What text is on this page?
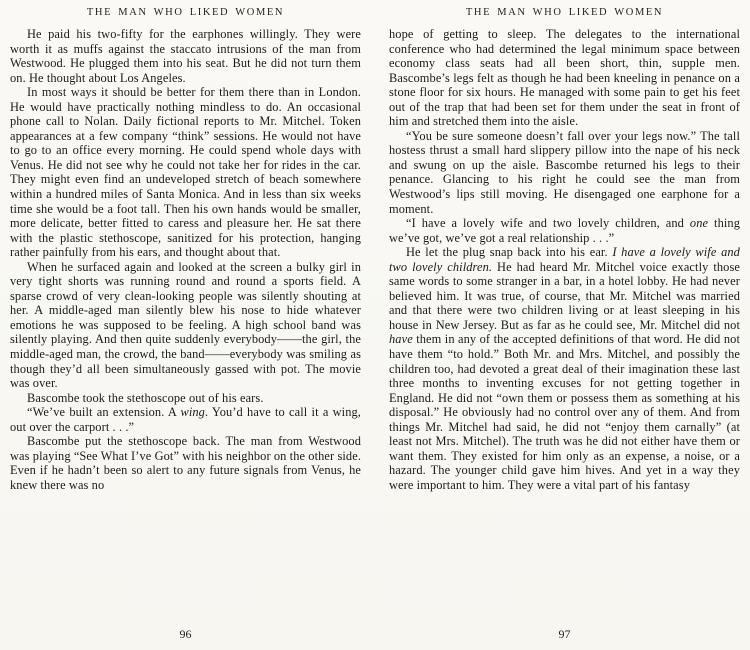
THE MAN WHO LIKED WOMEN

He paid his two-fifty for the earphones willingly. They were worth it as muffs against the staccato intrusions of the man from Westwood. He plugged them into his seat. But he did not turn them on. He thought about Los Angeles.

In most ways it should be better for them there than in London. He would have practically nothing mindless to do. An occasional phone call to Nolan. Daily fictional reports to Mr. Mitchel. Token appearances at a few company “think” sessions. He would not have to go to an office every morning. He could spend whole days with Venus. He did not see why he could not take her for rides in the car. They might even find an undeveloped stretch of beach somewhere within a hundred miles of Santa Monica. And in less than six weeks time she would be a foot tall. Then his own hands would be smaller, more delicate, better fitted to caress and pleasure her. He sat there with the plastic stethoscope, sanitized for his protection, hanging rather painfully from his ears, and thought about that.

When he surfaced again and looked at the screen a bulky girl in very tight shorts was running round and round a sports field. A sparse crowd of very clean-looking people was silently shouting at her. A middle-aged man silently blew his nose to hide whatever emotions he was supposed to be feeling. A high school band was silently playing. And then quite suddenly everybody——the girl, the middle-aged man, the crowd, the band——everybody was smiling as though they’d all been simultaneously gassed with pot. The movie was over.

Bascombe took the stethoscope out of his ears.

“We’ve built an extension. A wing. You’d have to call it a wing, out over the carport . . .”

Bascombe put the stethoscope back. The man from Westwood was playing “See What I’ve Got” with his neighbor on the other side. Even if he hadn’t been so alert to any future signals from Venus, he knew there was no

96
THE MAN WHO LIKED WOMEN

hope of getting to sleep. The delegates to the international conference who had determined the legal minimum space between economy class seats had all been short, thin, supple men. Bascombe’s legs felt as though he had been kneeling in penance on a stone floor for six hours. He managed with some pain to get his feet out of the trap that had been set for them under the seat in front of him and stretched them into the aisle.

“You be sure someone doesn’t fall over your legs now.” The tall hostess thrust a small hard slippery pillow into the nape of his neck and swung on up the aisle. Bascombe returned his legs to their penance. Glancing to his right he could see the man from Westwood’s lips still moving. He disengaged one earphone for a moment.

“I have a lovely wife and two lovely children, and one thing we’ve got, we’ve got a real relationship . . .”

He let the plug snap back into his ear. I have a lovely wife and two lovely children. He had heard Mr. Mitchel voice exactly those same words to some stranger in a bar, in a hotel lobby. He had never believed him. It was true, of course, that Mr. Mitchel was married and that there were two children living or at least sleeping in his house in New Jersey. But as far as he could see, Mr. Mitchel did not have them in any of the accepted definitions of that word. He did not have them “to hold.” Both Mr. and Mrs. Mitchel, and possibly the children too, had devoted a great deal of their imagination these last three months to inventing excuses for not getting together in England. He did not “own them or possess them as something at his disposal.” He obviously had no control over any of them. And from things Mr. Mitchel had said, he did not “enjoy them carnally” (at least not Mrs. Mitchel). The truth was he did not either have them or want them. They existed for him only as an expense, a noise, or a hazard. The younger child gave him hives. And yet in a way they were important to him. They were a vital part of his fantasy

97
